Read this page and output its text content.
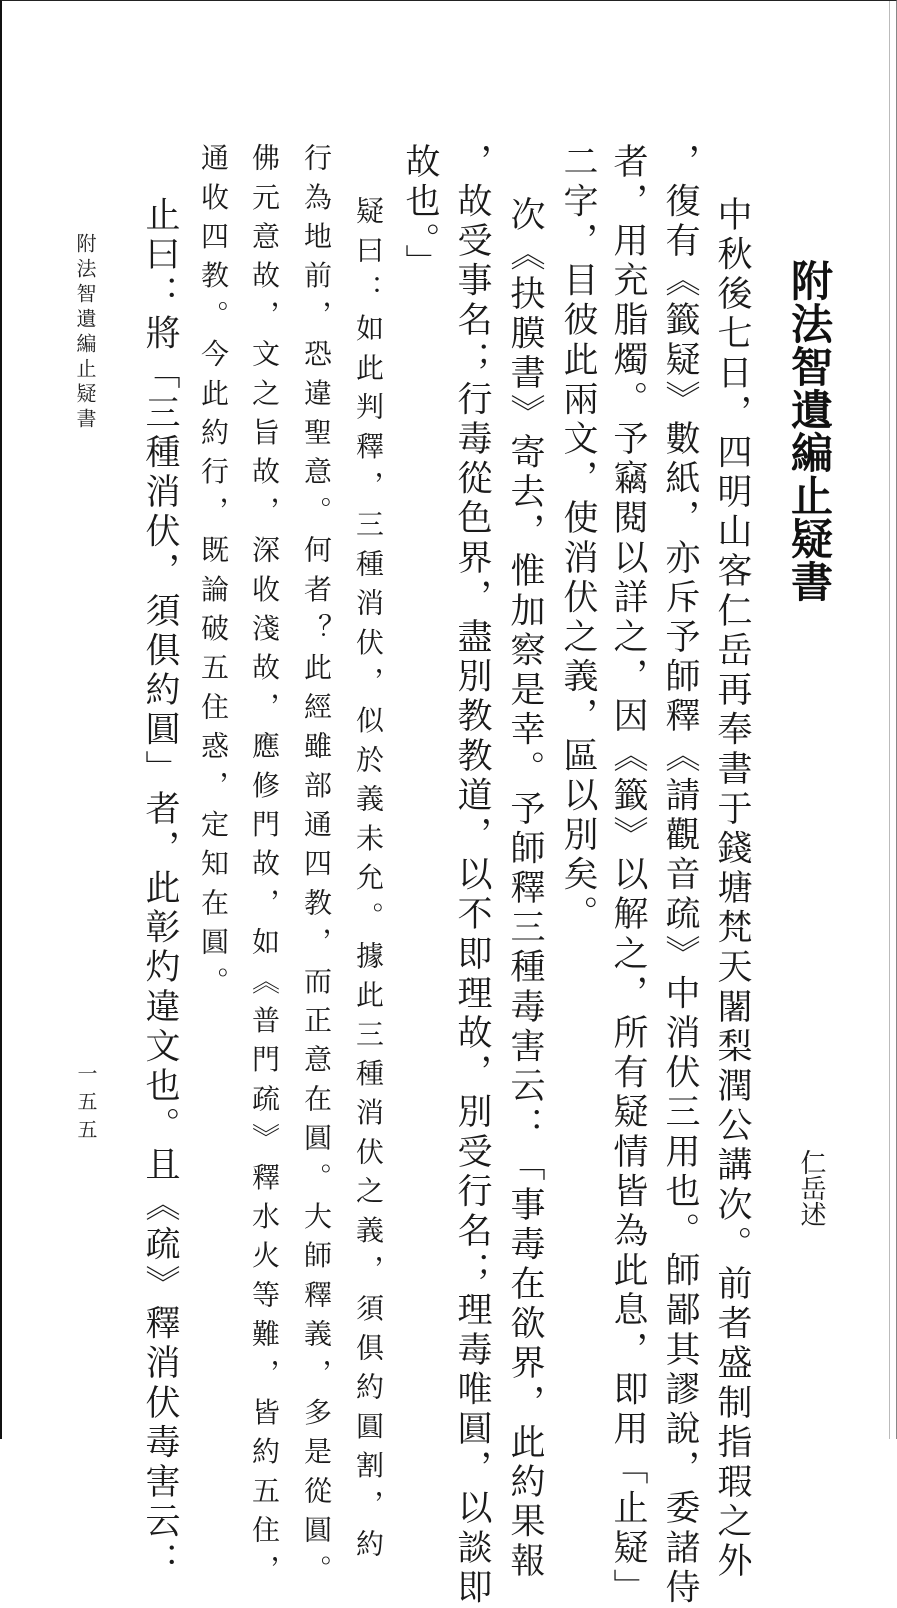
附法智遺編止疑書
仁岳述
中秋後七日，四明山客仁岳再奉書于錢塘梵天闍梨潤公講次。前者盛制指瑕之外
，復有《籤疑》數紙，亦斥予師釋《請觀音疏》中消伏三用也。師鄙其謬說，委諸侍
者，用充脂燭。予竊閱以詳之，因《籤》以解之，所有疑情皆為此息，即用「止疑」
二字，目彼此兩文，使消伏之義，區以別矣。
次《抉膜書》寄去，惟加察是幸。予師釋三種毒害云：「事毒在欲界，此約果報
，故受事名；行毒從色界，盡別教教道，以不即理故，別受行名；理毒唯圓，以談即
故也。」
疑曰：如此判釋，三種消伏，似於義未允。據此三種消伏之義，須俱約圓割，約
行為地前，恐違聖意。何者？此經雖部通四教，而正意在圓。大師釋義，多是從圓。
佛元意故，文之旨故，深收淺故，應修門故，如《普門疏》釋水火等難，皆約五住，
通收四教。今此約行，既論破五住惑，定知在圓。
止曰：將「三種消伏，須俱約圓」者，此彰灼違文也。且《疏》釋消伏毒害云：
附法智遺編止疑書
一五五
